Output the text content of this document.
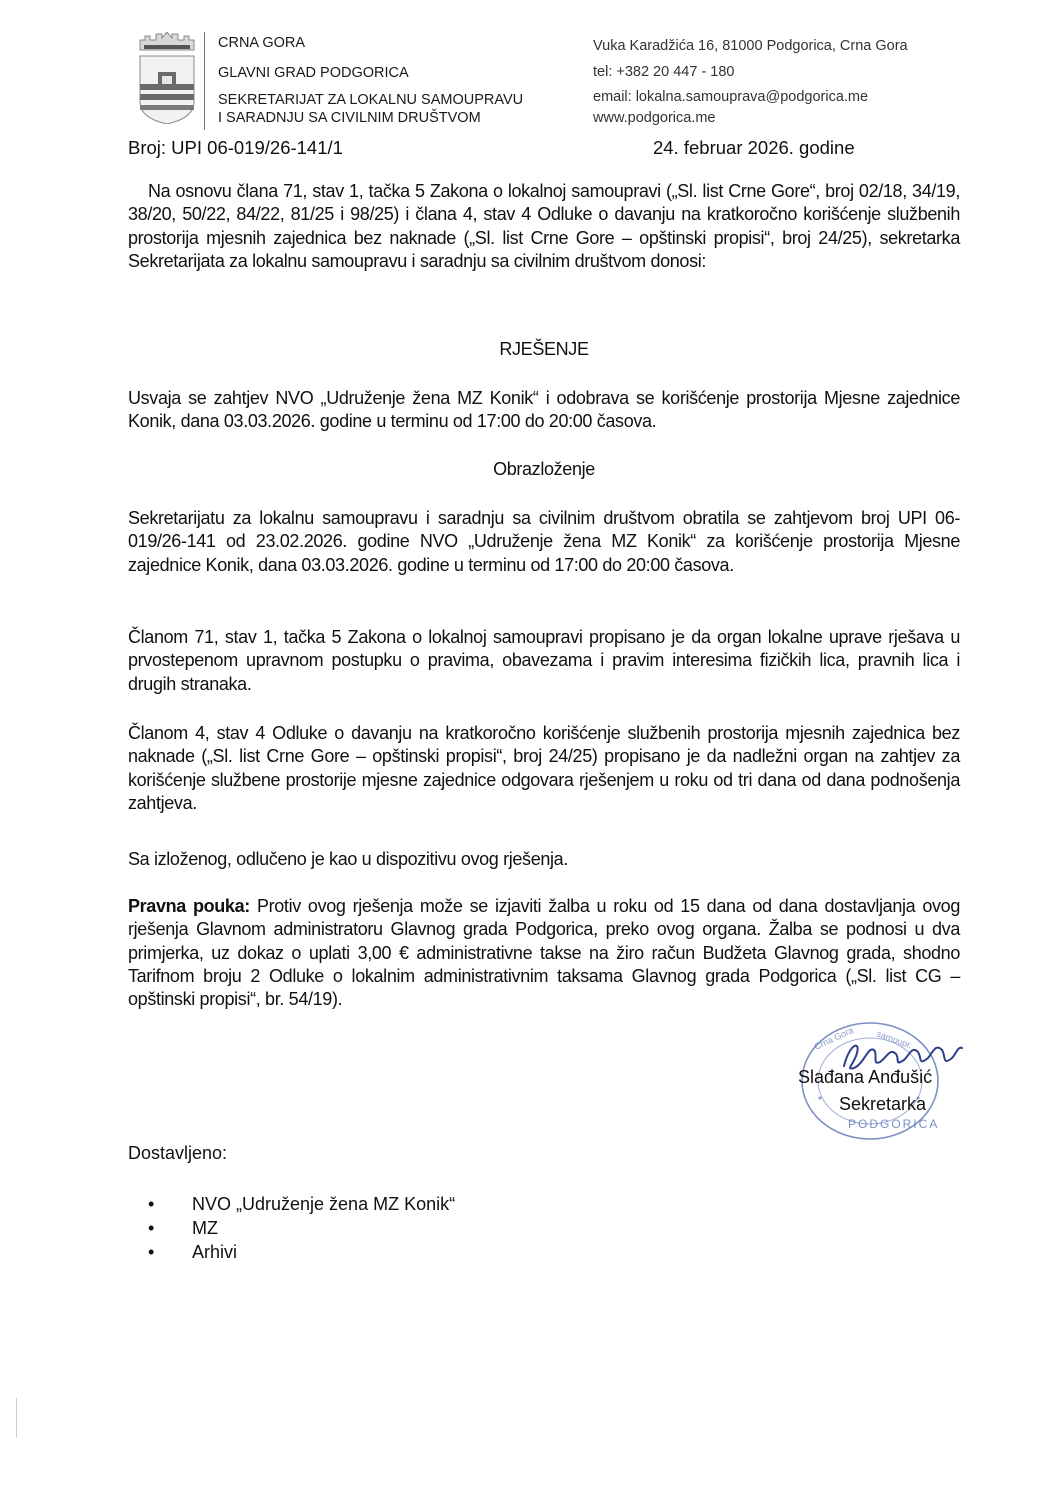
CRNA GORA
GLAVNI GRAD PODGORICA
SEKRETARIJAT ZA LOKALNU SAMOUPRAVU
I SARADNJU SA CIVILNIM DRUŠTVOM
Vuka Karadžića 16, 81000 Podgorica, Crna Gora
tel: +382 20 447 - 180
email: lokalna.samouprava@podgorica.me
www.podgorica.me
Broj: UPI 06-019/26-141/1	24. februar 2026. godine
Na osnovu člana 71, stav 1, tačka 5 Zakona o lokalnoj samoupravi („Sl. list Crne Gore“, broj 02/18, 34/19, 38/20, 50/22, 84/22, 81/25 i 98/25) i člana 4, stav 4 Odluke o davanju na kratkoročno korišćenje službenih prostorija mjesnih zajednica bez naknade („Sl. list Crne Gore – opštinski propisi“, broj 24/25), sekretarka Sekretarijata za lokalnu samoupravu i saradnju sa civilnim društvom donosi:
RJEŠENJE
Usvaja se zahtjev NVO „Udruženje žena MZ Konik“ i odobrava se korišćenje prostorija Mjesne zajednice Konik, dana 03.03.2026. godine u terminu od 17:00 do 20:00 časova.
Obrazloženje
Sekretarijatu za lokalnu samoupravu i saradnju sa civilnim društvom obratila se zahtjevom broj UPI 06-019/26-141 od 23.02.2026. godine NVO „Udruženje žena MZ Konik“ za korišćenje prostorija Mjesne zajednice Konik, dana 03.03.2026. godine u terminu od 17:00 do 20:00 časova.
Članom 71, stav 1, tačka 5 Zakona o lokalnoj samoupravi propisano je da organ lokalne uprave rješava u prvostepenom upravnom postupku o pravima, obavezama i pravim interesima fizičkih lica, pravnih lica i drugih stranaka.
Članom 4, stav 4 Odluke o davanju na kratkoročno korišćenje službenih prostorija mjesnih zajednica bez naknade („Sl. list Crne Gore – opštinski propisi“, broj 24/25) propisano je da nadležni organ na zahtjev za korišćenje službene prostorije mjesne zajednice odgovara rješenjem u roku od tri dana od dana podnošenja zahtjeva.
Sa izloženog, odlučeno je kao u dispozitivu ovog rješenja.
Pravna pouka: Protiv ovog rješenja može se izjaviti žalba u roku od 15 dana od dana dostavljanja ovog rješenja Glavnom administratoru Glavnog grada Podgorica, preko ovog organa. Žalba se podnosi u dva primjerka, uz dokaz o uplati 3,00 € administrativne takse na žiro račun Budžeta Glavnog grada, shodno Tarifnom broju 2 Odluke o lokalnim administrativnim taksama Glavnog grada Podgorica („Sl. list CG – opštinski propisi“, br. 54/19).
PODGORICA
Crna Gora samoupr.
Slađana Anđušić
Sekretarka
Dostavljeno:
• NVO „Udruženje žena MZ Konik“
• MZ
• Arhivi
